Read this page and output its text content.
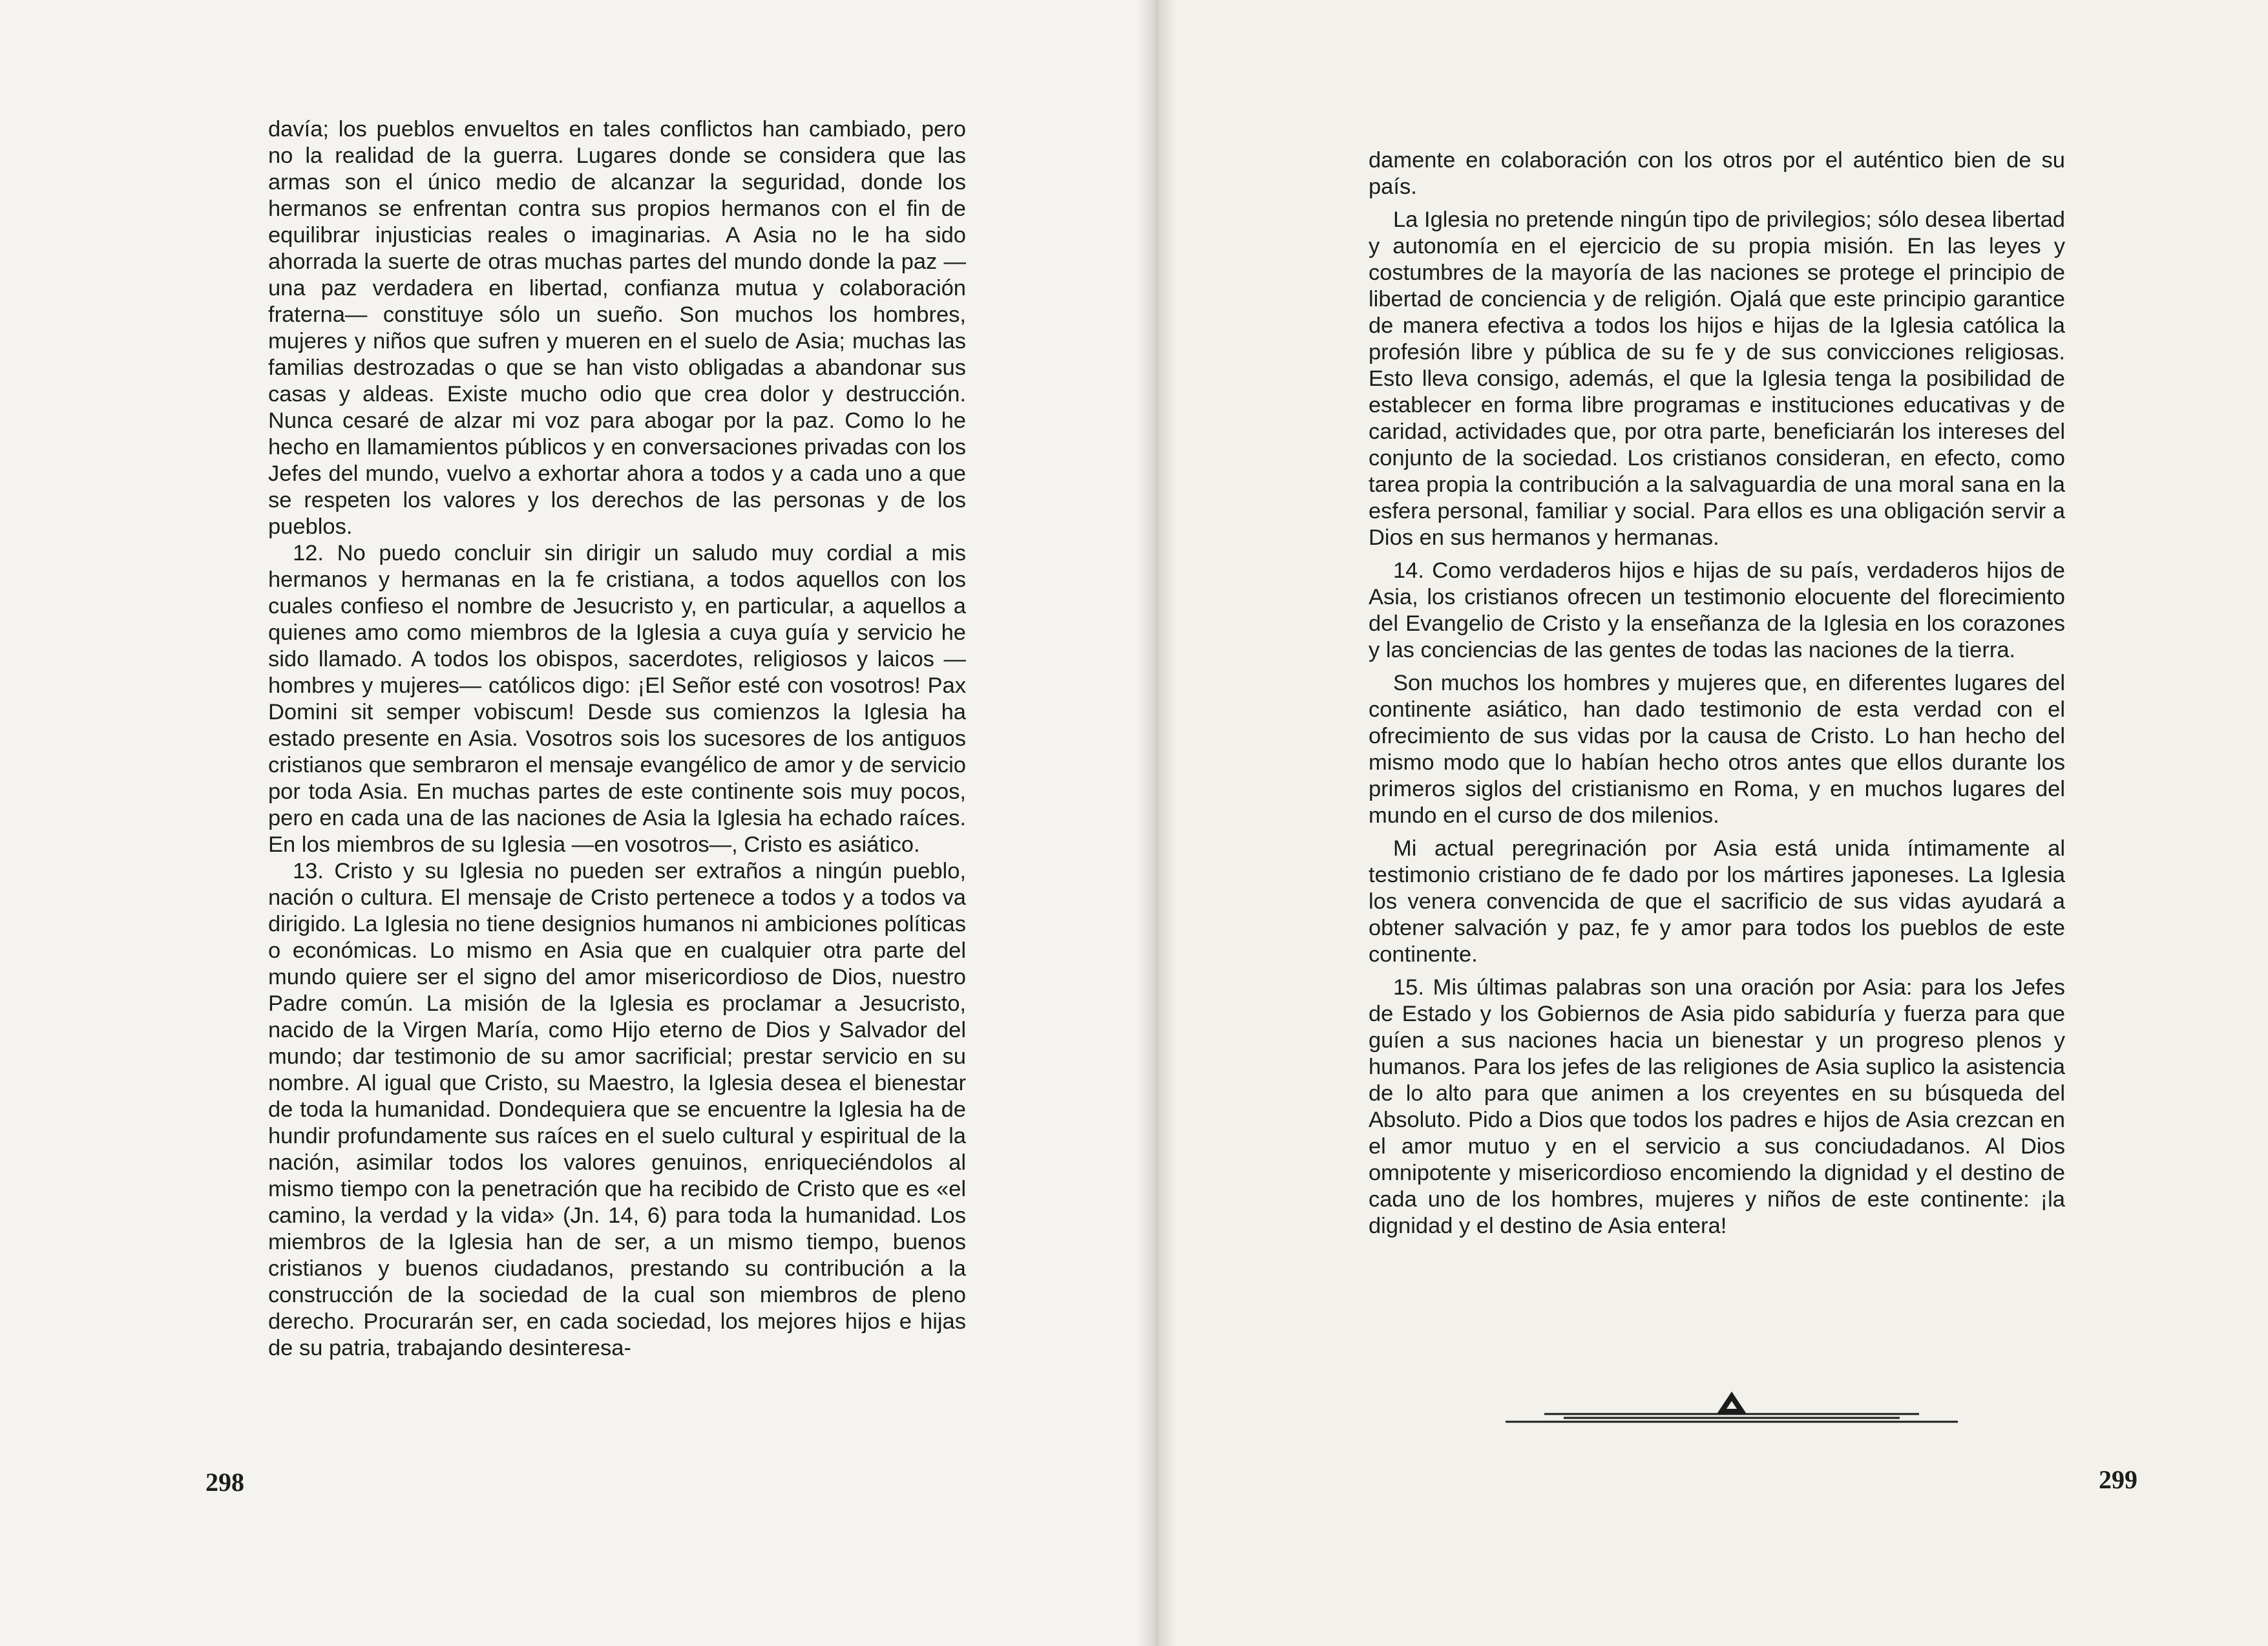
davía; los pueblos envueltos en tales conflictos han cambiado, pero no la realidad de la guerra. Lugares donde se considera que las armas son el único medio de alcanzar la seguridad, donde los hermanos se enfrentan contra sus propios hermanos con el fin de equilibrar injusticias reales o imaginarias. A Asia no le ha sido ahorrada la suerte de otras muchas partes del mundo donde la paz —una paz verdadera en libertad, confianza mutua y colaboración fraterna— constituye sólo un sueño. Son muchos los hombres, mujeres y niños que sufren y mueren en el suelo de Asia; muchas las familias destrozadas o que se han visto obligadas a abandonar sus casas y aldeas. Existe mucho odio que crea dolor y destrucción. Nunca cesaré de alzar mi voz para abogar por la paz. Como lo he hecho en llamamientos públicos y en conversaciones privadas con los Jefes del mundo, vuelvo a exhortar ahora a todos y a cada uno a que se respeten los valores y los derechos de las personas y de los pueblos.

12. No puedo concluir sin dirigir un saludo muy cordial a mis hermanos y hermanas en la fe cristiana, a todos aquellos con los cuales confieso el nombre de Jesucristo y, en particular, a aquellos a quienes amo como miembros de la Iglesia a cuya guía y servicio he sido llamado. A todos los obispos, sacerdotes, religiosos y laicos —hombres y mujeres— católicos digo: ¡El Señor esté con vosotros! Pax Domini sit semper vobiscum! Desde sus comienzos la Iglesia ha estado presente en Asia. Vosotros sois los sucesores de los antiguos cristianos que sembraron el mensaje evangélico de amor y de servicio por toda Asia. En muchas partes de este continente sois muy pocos, pero en cada una de las naciones de Asia la Iglesia ha echado raíces. En los miembros de su Iglesia —en vosotros—, Cristo es asiático.

13. Cristo y su Iglesia no pueden ser extraños a ningún pueblo, nación o cultura. El mensaje de Cristo pertenece a todos y a todos va dirigido. La Iglesia no tiene designios humanos ni ambiciones políticas o económicas. Lo mismo en Asia que en cualquier otra parte del mundo quiere ser el signo del amor misericordioso de Dios, nuestro Padre común. La misión de la Iglesia es proclamar a Jesucristo, nacido de la Virgen María, como Hijo eterno de Dios y Salvador del mundo; dar testimonio de su amor sacrificial; prestar servicio en su nombre. Al igual que Cristo, su Maestro, la Iglesia desea el bienestar de toda la humanidad. Dondequiera que se encuentre la Iglesia ha de hundir profundamente sus raíces en el suelo cultural y espiritual de la nación, asimilar todos los valores genuinos, enriqueciéndolos al mismo tiempo con la penetración que ha recibido de Cristo que es «el camino, la verdad y la vida» (Jn. 14, 6) para toda la humanidad. Los miembros de la Iglesia han de ser, a un mismo tiempo, buenos cristianos y buenos ciudadanos, prestando su contribución a la construcción de la sociedad de la cual son miembros de pleno derecho. Procurarán ser, en cada sociedad, los mejores hijos e hijas de su patria, trabajando desinteresa-

298

damente en colaboración con los otros por el auténtico bien de su país.

La Iglesia no pretende ningún tipo de privilegios; sólo desea libertad y autonomía en el ejercicio de su propia misión. En las leyes y costumbres de la mayoría de las naciones se protege el principio de libertad de conciencia y de religión. Ojalá que este principio garantice de manera efectiva a todos los hijos e hijas de la Iglesia católica la profesión libre y pública de su fe y de sus convicciones religiosas. Esto lleva consigo, además, el que la Iglesia tenga la posibilidad de establecer en forma libre programas e instituciones educativas y de caridad, actividades que, por otra parte, beneficiarán los intereses del conjunto de la sociedad. Los cristianos consideran, en efecto, como tarea propia la contribución a la salvaguardia de una moral sana en la esfera personal, familiar y social. Para ellos es una obligación servir a Dios en sus hermanos y hermanas.

14. Como verdaderos hijos e hijas de su país, verdaderos hijos de Asia, los cristianos ofrecen un testimonio elocuente del florecimiento del Evangelio de Cristo y la enseñanza de la Iglesia en los corazones y las conciencias de las gentes de todas las naciones de la tierra.

Son muchos los hombres y mujeres que, en diferentes lugares del continente asiático, han dado testimonio de esta verdad con el ofrecimiento de sus vidas por la causa de Cristo. Lo han hecho del mismo modo que lo habían hecho otros antes que ellos durante los primeros siglos del cristianismo en Roma, y en muchos lugares del mundo en el curso de dos milenios.

Mi actual peregrinación por Asia está unida íntimamente al testimonio cristiano de fe dado por los mártires japoneses. La Iglesia los venera convencida de que el sacrificio de sus vidas ayudará a obtener salvación y paz, fe y amor para todos los pueblos de este continente.

15. Mis últimas palabras son una oración por Asia: para los Jefes de Estado y los Gobiernos de Asia pido sabiduría y fuerza para que guíen a sus naciones hacia un bienestar y un progreso plenos y humanos. Para los jefes de las religiones de Asia suplico la asistencia de lo alto para que animen a los creyentes en su búsqueda del Absoluto. Pido a Dios que todos los padres e hijos de Asia crezcan en el amor mutuo y en el servicio a sus conciudadanos. Al Dios omnipotente y misericordioso encomiendo la dignidad y el destino de cada uno de los hombres, mujeres y niños de este continente: ¡la dignidad y el destino de Asia entera!

299
